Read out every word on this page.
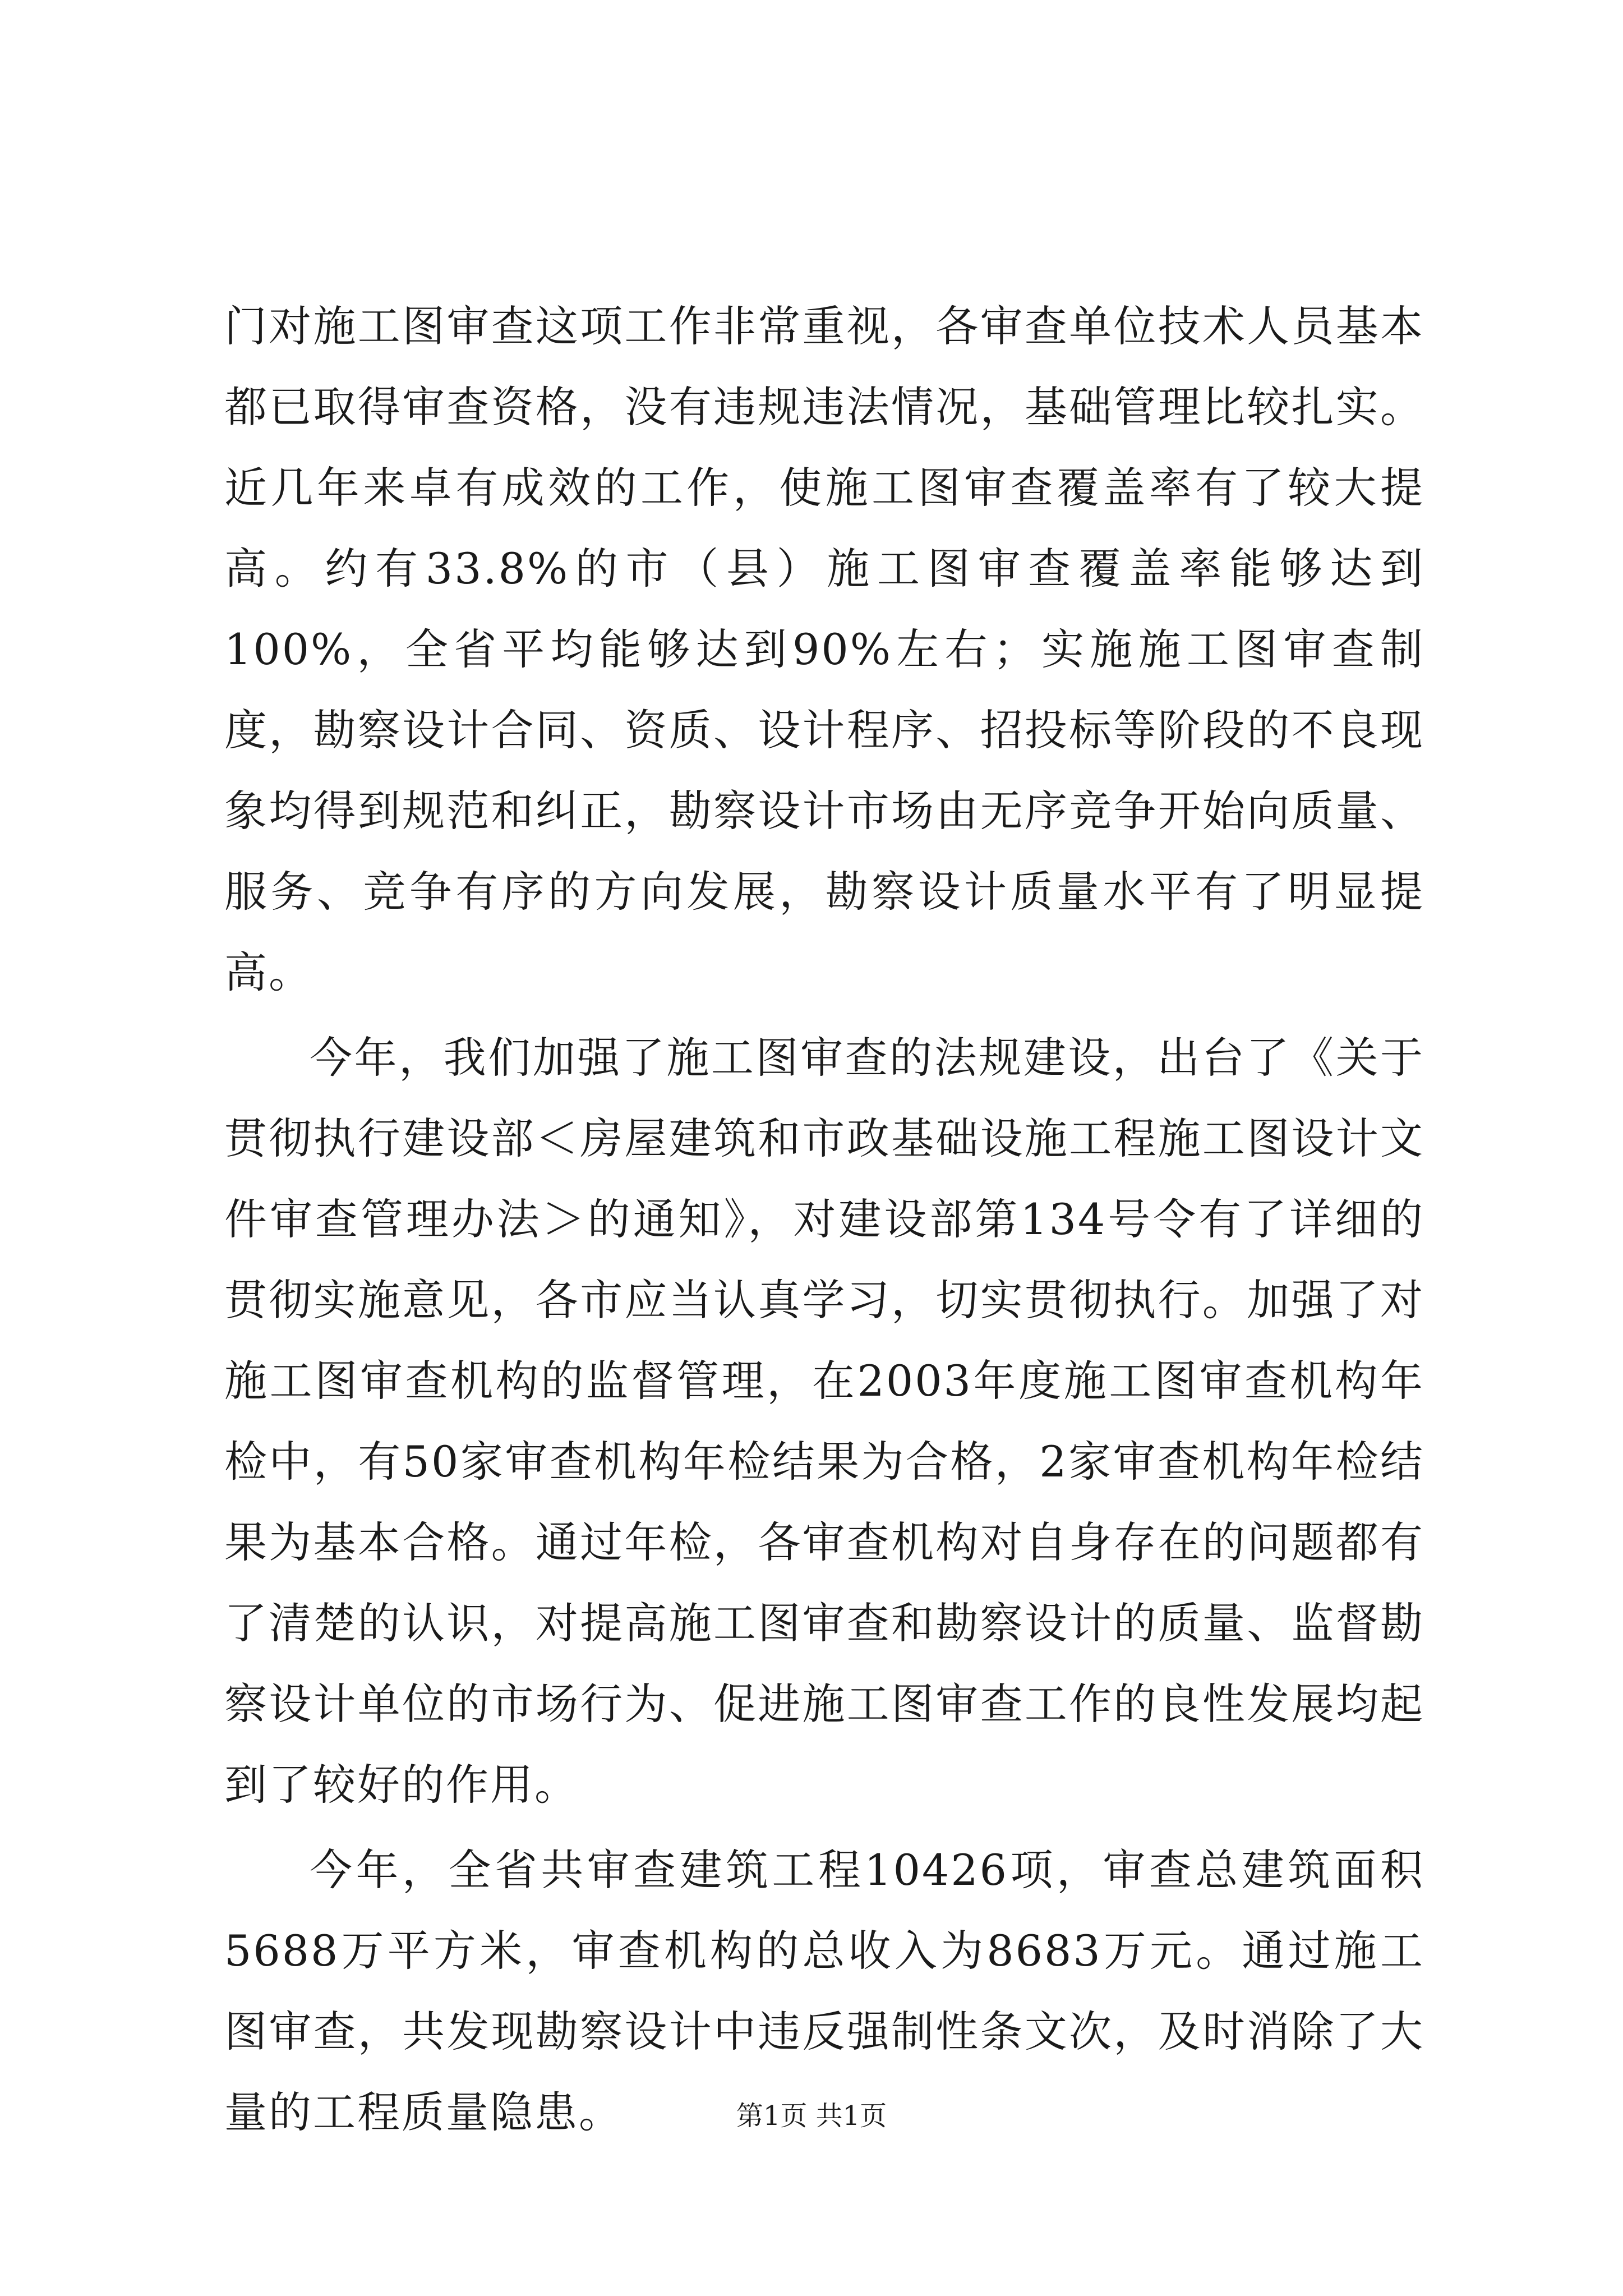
门对施工图审查这项工作非常重视，各审查单位技术人员基本都已取得审查资格，没有违规违法情况，基础管理比较扎实。近几年来卓有成效的工作，使施工图审查覆盖率有了较大提高。约有33.8%的市（县）施工图审查覆盖率能够达到100%，全省平均能够达到90%左右；实施施工图审查制度，勘察设计合同、资质、设计程序、招投标等阶段的不良现象均得到规范和纠正，勘察设计市场由无序竞争开始向质量、服务、竞争有序的方向发展，勘察设计质量水平有了明显提高。

今年，我们加强了施工图审查的法规建设，出台了《关于贯彻执行建设部＜房屋建筑和市政基础设施工程施工图设计文件审查管理办法＞的通知》，对建设部第134号令有了详细的贯彻实施意见，各市应当认真学习，切实贯彻执行。加强了对施工图审查机构的监督管理，在2003年度施工图审查机构年检中，有50家审查机构年检结果为合格，2家审查机构年检结果为基本合格。通过年检，各审查机构对自身存在的问题都有了清楚的认识，对提高施工图审查和勘察设计的质量、监督勘察设计单位的市场行为、促进施工图审查工作的良性发展均起到了较好的作用。

今年，全省共审查建筑工程10426项，审查总建筑面积5688万平方米，审查机构的总收入为8683万元。通过施工图审查，共发现勘察设计中违反强制性条文次，及时消除了大量的工程质量隐患。	第1页 共1页
